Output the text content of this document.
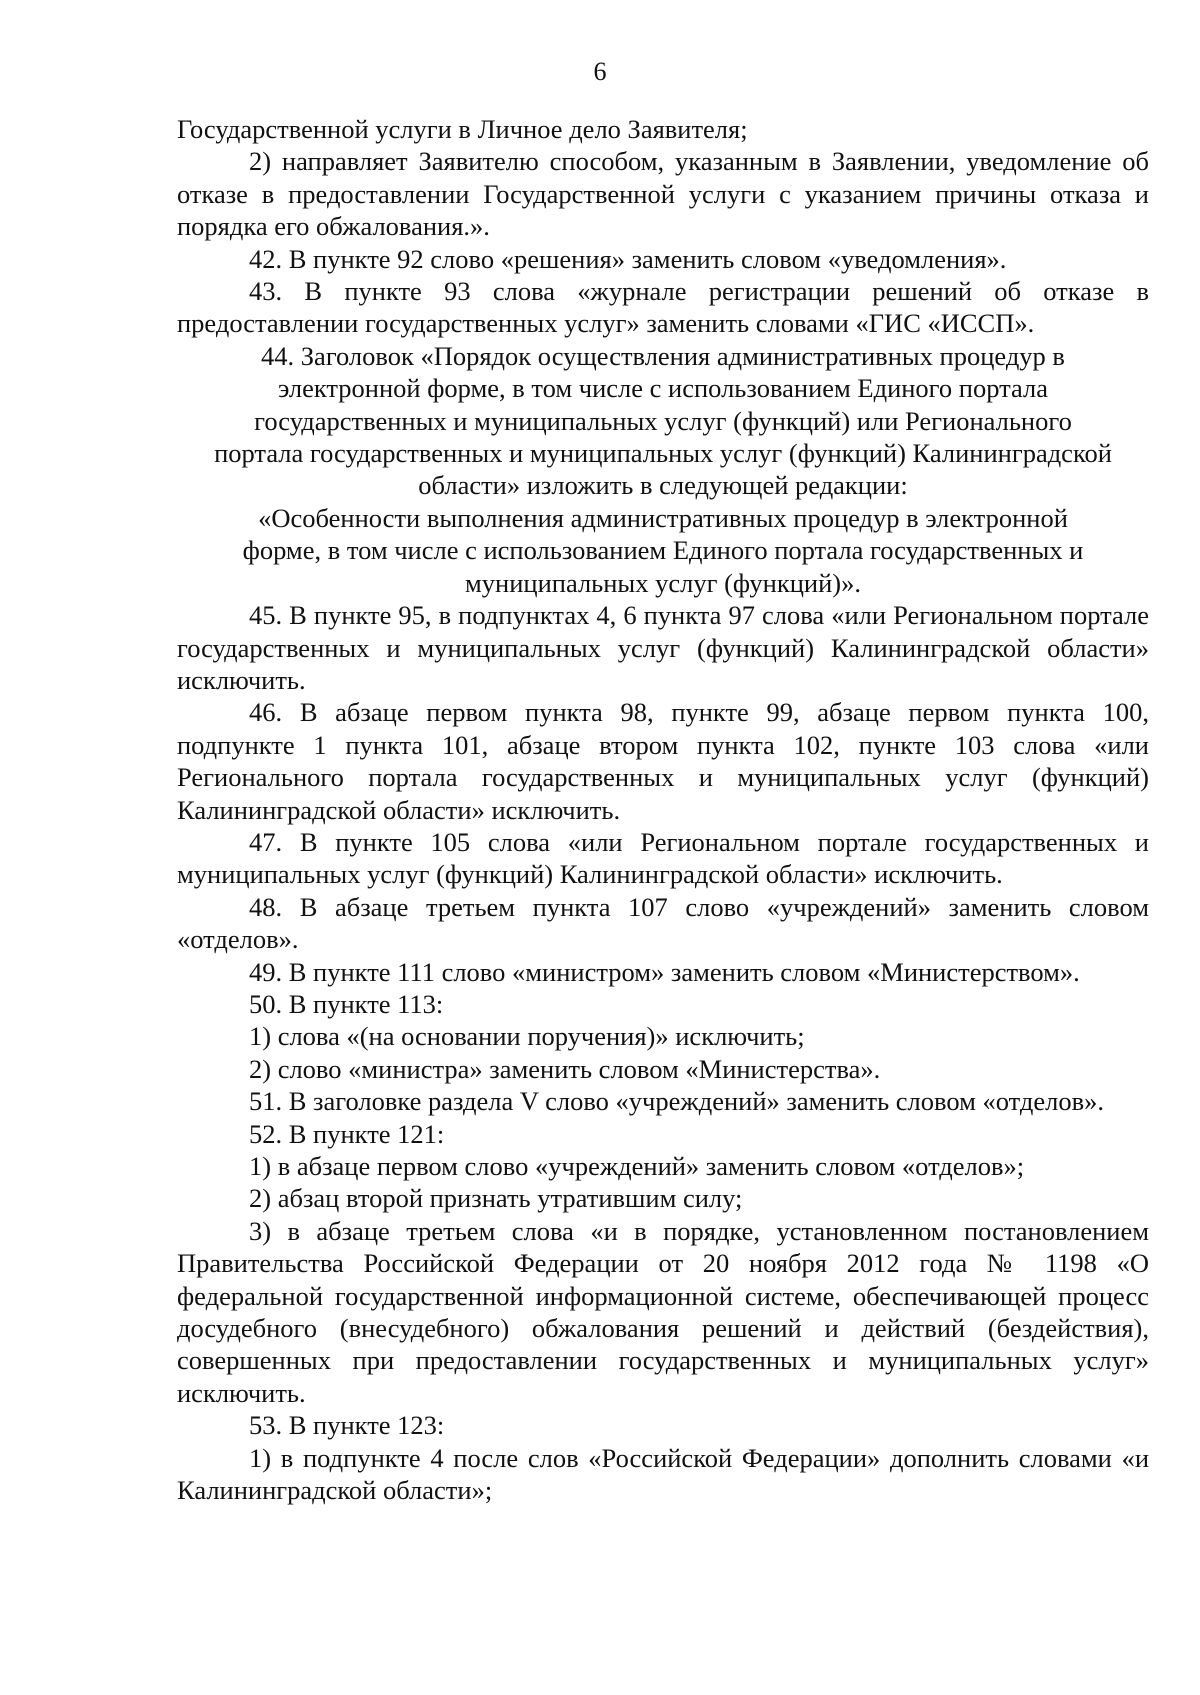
6

Государственной услуги в Личное дело Заявителя;

2) направляет Заявителю способом, указанным в Заявлении, уведомление об отказе в предоставлении Государственной услуги с указанием причины отказа и порядка его обжалования.».

42. В пункте 92 слово «решения» заменить словом «уведомления».

43. В пункте 93 слова «журнале регистрации решений об отказе в предоставлении государственных услуг» заменить словами «ГИС «ИССП».

44. Заголовок «Порядок осуществления административных процедур в
электронной форме, в том числе с использованием Единого портала
государственных и муниципальных услуг (функций) или Регионального
портала государственных и муниципальных услуг (функций) Калининградской
области» изложить в следующей редакции:
«Особенности выполнения административных процедур в электронной
форме, в том числе с использованием Единого портала государственных и
муниципальных услуг (функций)».

45. В пункте 95, в подпунктах 4, 6 пункта 97 слова «или Региональном портале государственных и муниципальных услуг (функций) Калининградской области» исключить.

46. В абзаце первом пункта 98, пункте 99, абзаце первом пункта 100, подпункте 1 пункта 101, абзаце втором пункта 102, пункте 103 слова «или Регионального портала государственных и муниципальных услуг (функций) Калининградской области» исключить.

47. В пункте 105 слова «или Региональном портале государственных и муниципальных услуг (функций) Калининградской области» исключить.

48. В абзаце третьем пункта 107 слово «учреждений» заменить словом «отделов».

49. В пункте 111 слово «министром» заменить словом «Министерством».

50. В пункте 113:

1) слова «(на основании поручения)» исключить;

2) слово «министра» заменить словом «Министерства».

51. В заголовке раздела V слово «учреждений» заменить словом «отделов».

52. В пункте 121:

1) в абзаце первом слово «учреждений» заменить словом «отделов»;

2) абзац второй признать утратившим силу;

3) в абзаце третьем слова «и в порядке, установленном постановлением Правительства Российской Федерации от 20 ноября 2012 года № 1198 «О федеральной государственной информационной системе, обеспечивающей процесс досудебного (внесудебного) обжалования решений и действий (бездействия), совершенных при предоставлении государственных и муниципальных услуг» исключить.

53. В пункте 123:

1) в подпункте 4 после слов «Российской Федерации» дополнить словами «и Калининградской области»;
